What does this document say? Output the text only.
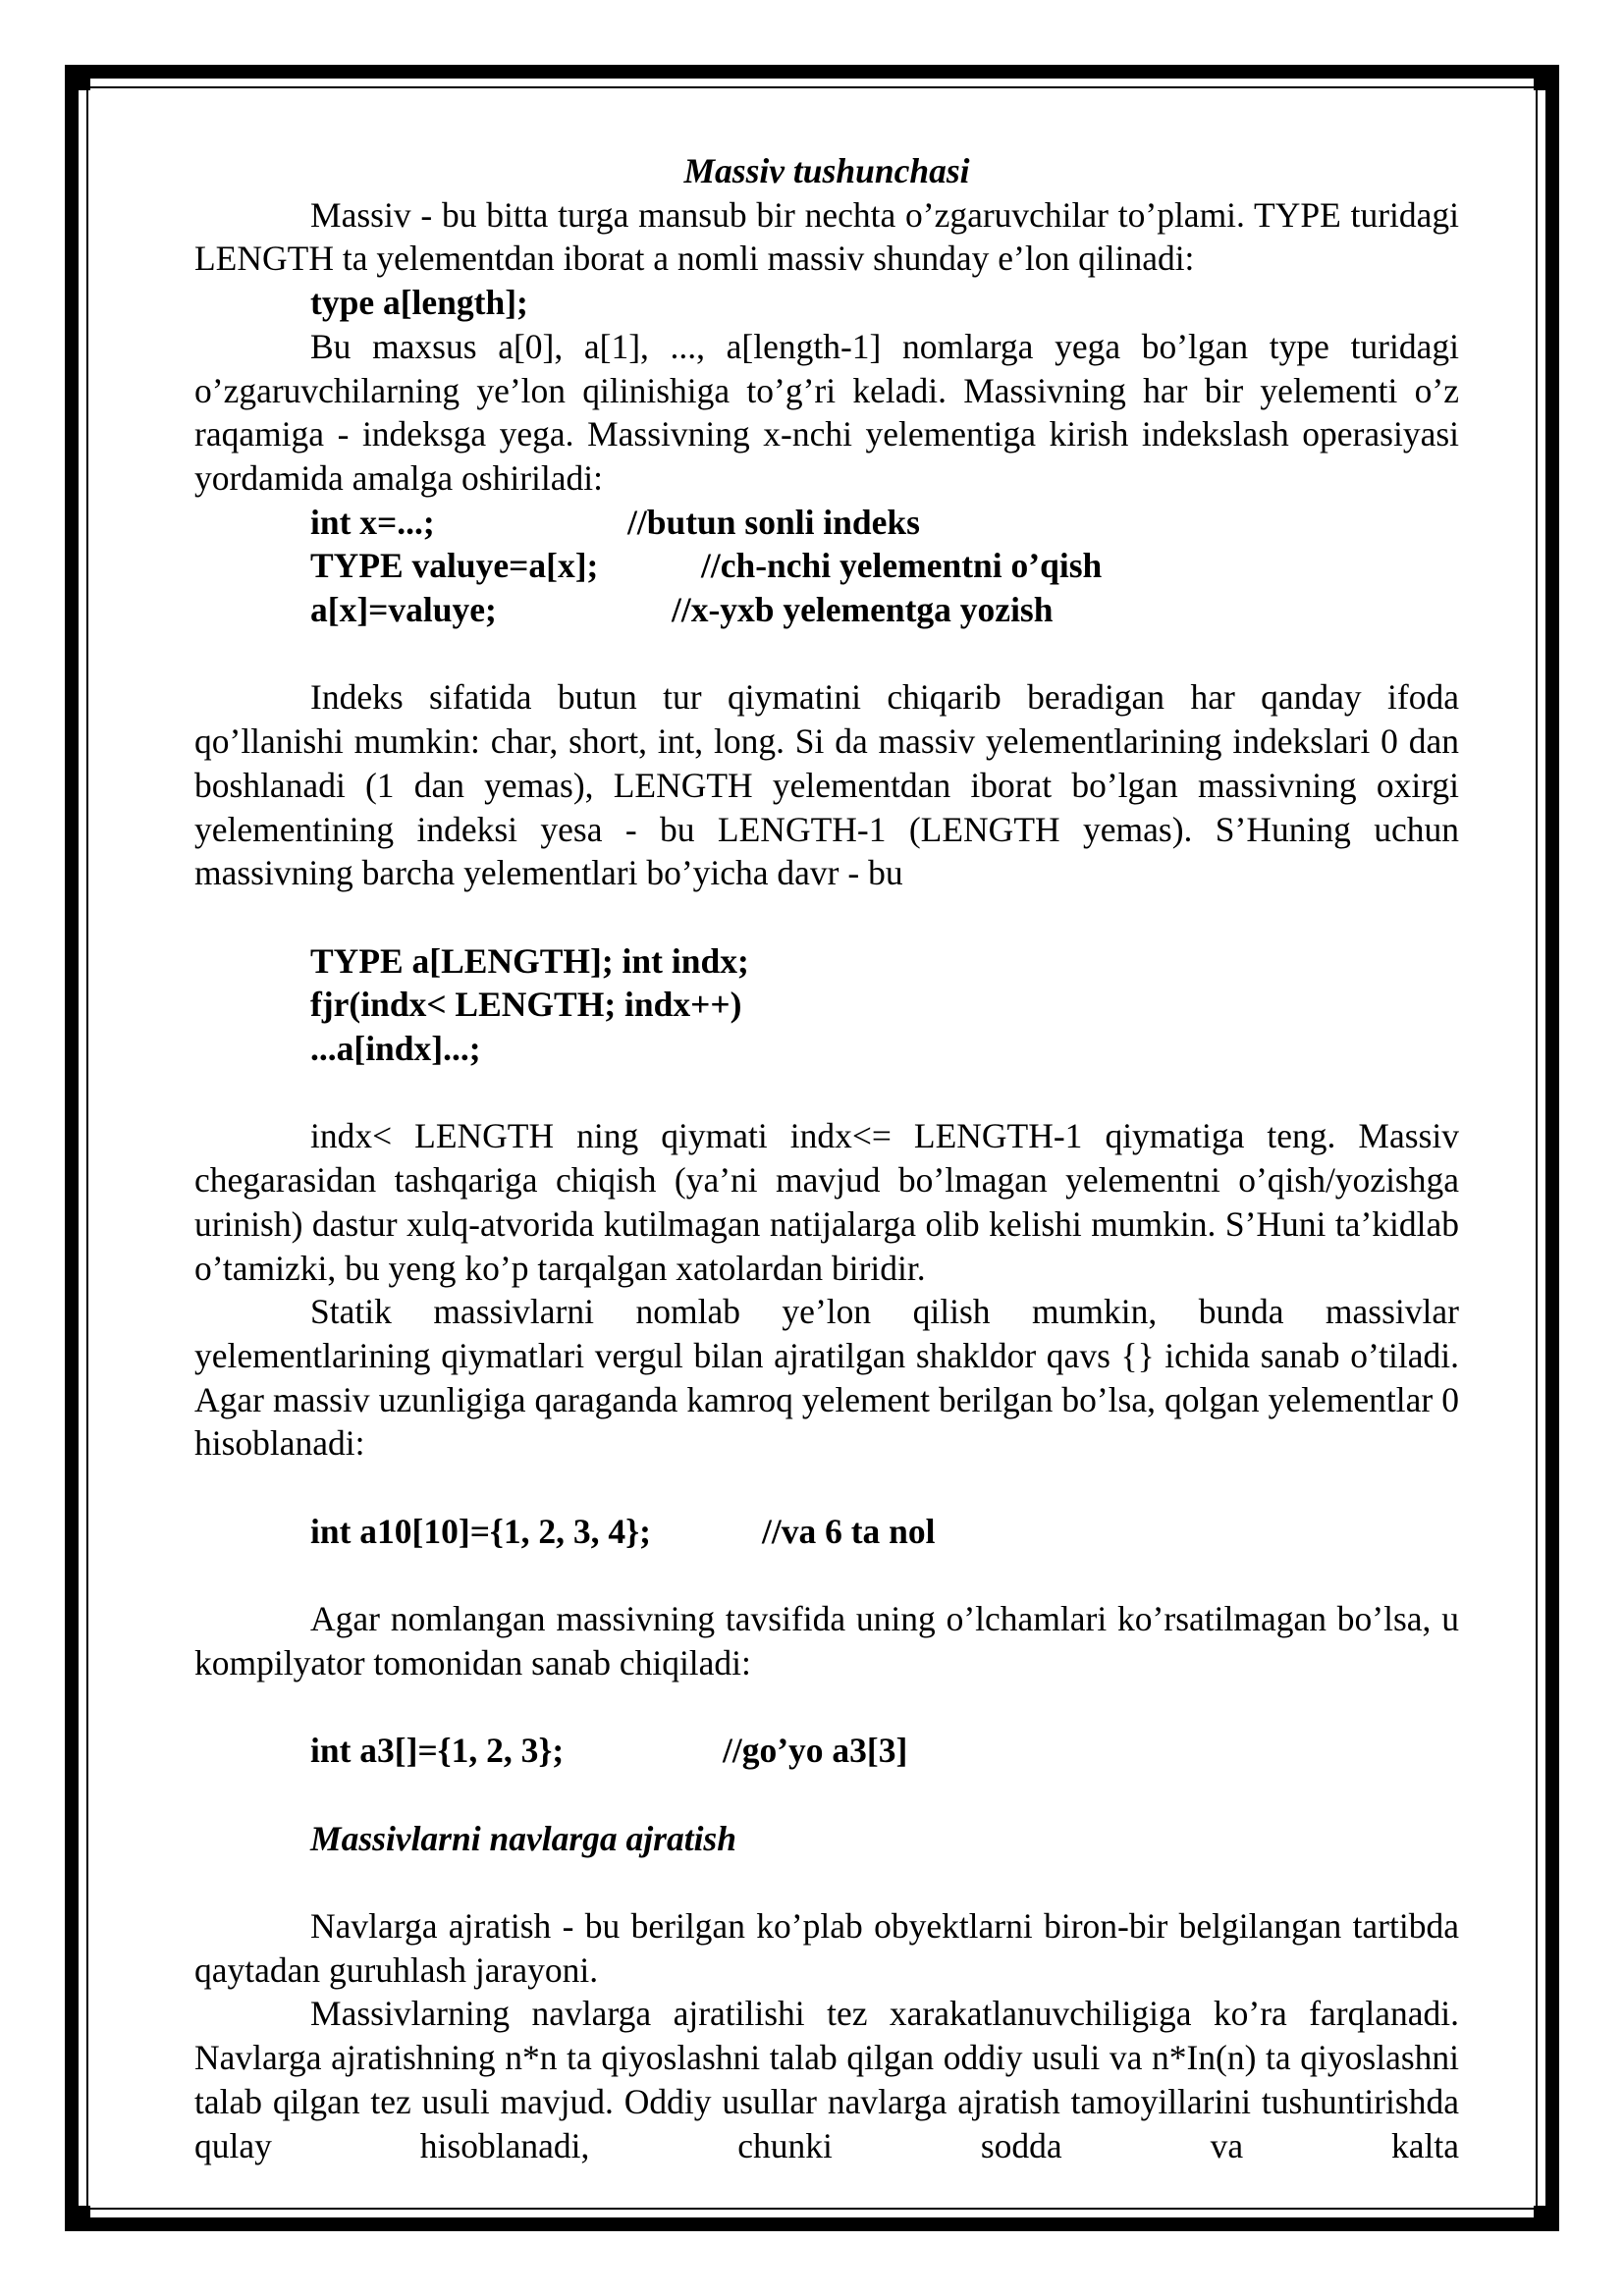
Massiv tushunchasi

Massiv - bu bitta turga mansub bir nechta o’zgaruvchilar to’plami. TYPE turidagi LENGTH ta yelementdan iborat a nomli massiv shunday e’lon qilinadi:

type a[length];

Bu maxsus a[0], a[1], ..., a[length-1] nomlarga yega bo’lgan type turidagi o’zgaruvchilarning ye’lon qilinishiga to’g’ri keladi. Massivning har bir yelementi o’z raqamiga - indeksga yega. Massivning x-nchi yelementiga kirish indekslash operasiyasi yordamida amalga oshiriladi:

int x=...;	//butun sonli indeks
TYPE valuye=a[x];	//ch-nchi yelementni o’qish
a[x]=valuye;	//x-yxb yelementga yozish

Indeks sifatida butun tur qiymatini chiqarib beradigan har qanday ifoda qo’llanishi mumkin: char, short, int, long. Si da massiv yelementlarining indekslari 0 dan boshlanadi (1 dan yemas), LENGTH yelementdan iborat bo’lgan massivning oxirgi yelementining indeksi yesa - bu LENGTH-1 (LENGTH yemas). S’Huning uchun massivning barcha yelementlari bo’yicha davr - bu

TYPE a[LENGTH]; int indx;
fjr(indx< LENGTH; indx++)
...a[indx]...;

indx< LENGTH ning qiymati indx<= LENGTH-1 qiymatiga teng. Massiv chegarasidan tashqariga chiqish (ya’ni mavjud bo’lmagan yelementni o’qish/yozishga urinish) dastur xulq-atvorida kutilmagan natijalarga olib kelishi mumkin. S’Huni ta’kidlab o’tamizki, bu yeng ko’p tarqalgan xatolardan biridir.

Statik massivlarni nomlab ye’lon qilish mumkin, bunda massivlar yelementlarining qiymatlari vergul bilan ajratilgan shakldor qavs {} ichida sanab o’tiladi. Agar massiv uzunligiga qaraganda kamroq yelement berilgan bo’lsa, qolgan yelementlar 0 hisoblanadi:

int a10[10]={1, 2, 3, 4};	//va 6 ta nol

Agar nomlangan massivning tavsifida uning o’lchamlari ko’rsatilmagan bo’lsa, u kompilyator tomonidan sanab chiqiladi:

int a3[]={1, 2, 3};	//go’yo a3[3]
Massivlarni navlarga ajratish

Navlarga ajratish - bu berilgan ko’plab obyektlarni biron-bir belgilangan tartibda qaytadan guruhlash jarayoni.

Massivlarning navlarga ajratilishi tez xarakatlanuvchiligiga ko’ra farqlanadi. Navlarga ajratishning n*n ta qiyoslashni talab qilgan oddiy usuli va n*In(n) ta qiyoslashni talab qilgan tez usuli mavjud. Oddiy usullar navlarga ajratish tamoyillarini tushuntirishda qulay hisoblanadi, chunki sodda va kalta
